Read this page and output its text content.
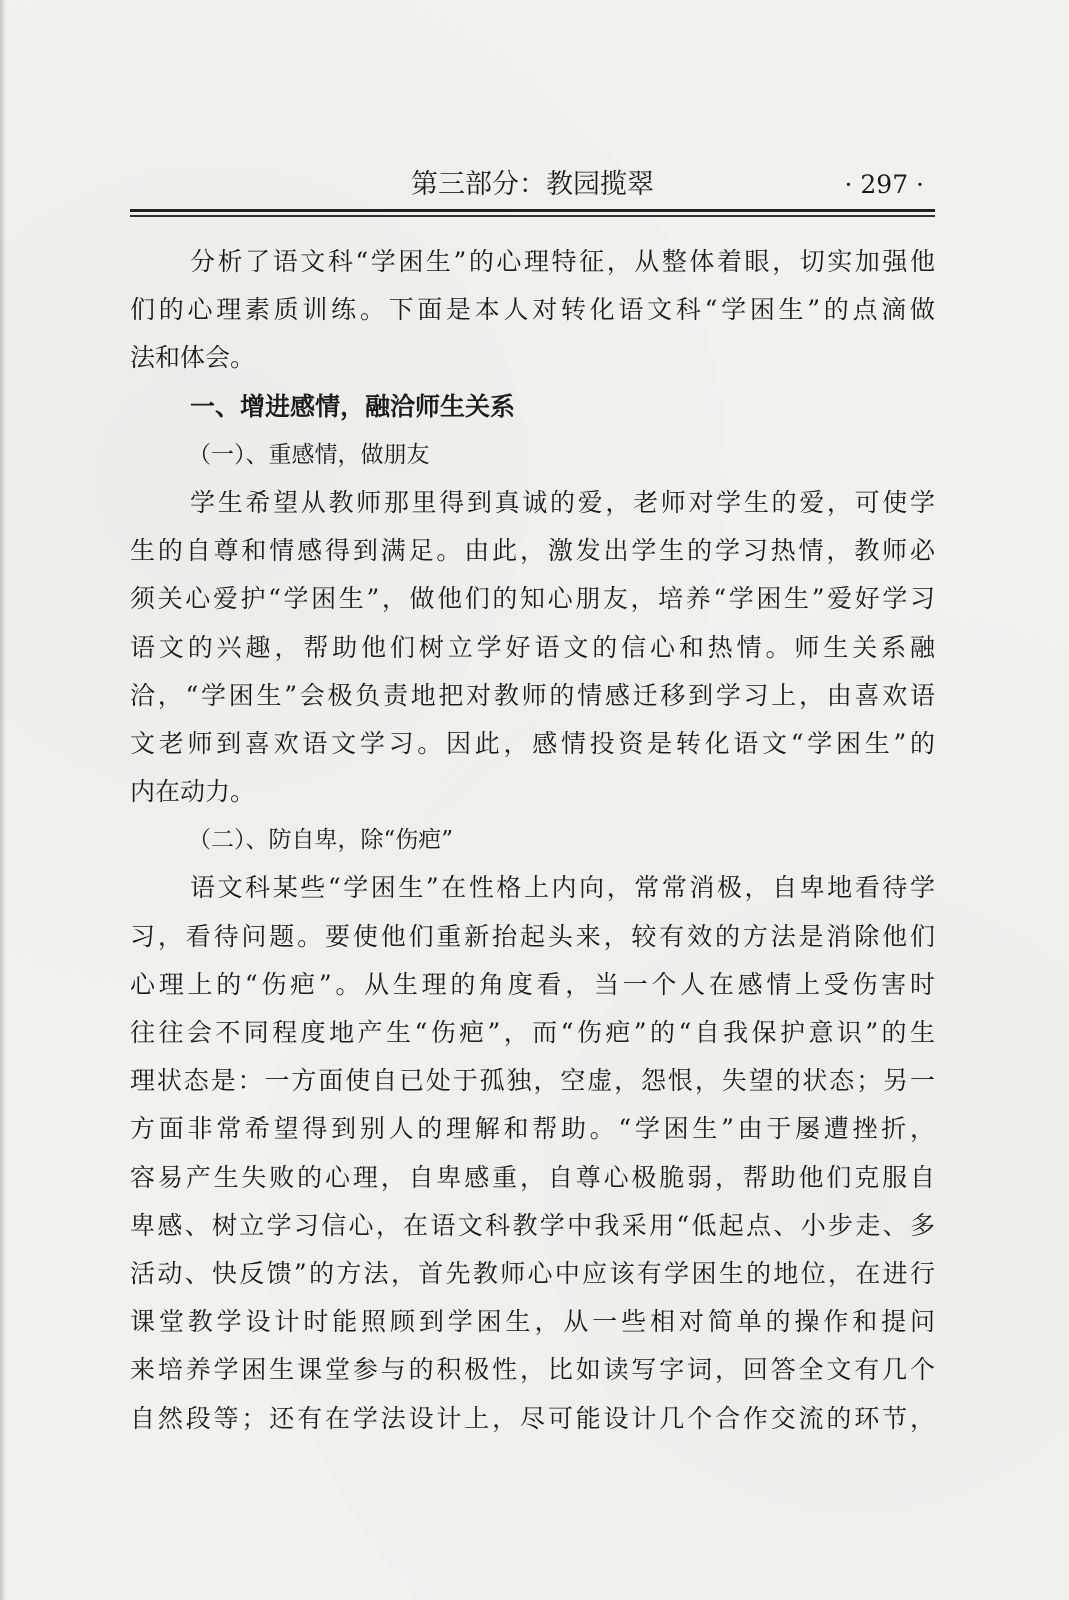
第三部分：教园揽翠	· 297 ·
分析了语文科“学困生”的心理特征，从整体着眼，切实加强他
们的心理素质训练。下面是本人对转化语文科“学困生”的点滴做
法和体会。
一、增进感情，融洽师生关系
（一）、重感情，做朋友
学生希望从教师那里得到真诚的爱，老师对学生的爱，可使学
生的自尊和情感得到满足。由此，激发出学生的学习热情，教师必
须关心爱护“学困生”，做他们的知心朋友，培养“学困生”爱好学习
语文的兴趣，帮助他们树立学好语文的信心和热情。师生关系融
洽，“学困生”会极负责地把对教师的情感迁移到学习上，由喜欢语
文老师到喜欢语文学习。因此，感情投资是转化语文“学困生”的
内在动力。
（二）、防自卑，除“伤疤”
语文科某些“学困生”在性格上内向，常常消极，自卑地看待学
习，看待问题。要使他们重新抬起头来，较有效的方法是消除他们
心理上的“伤疤”。从生理的角度看，当一个人在感情上受伤害时
往往会不同程度地产生“伤疤”，而“伤疤”的“自我保护意识”的生
理状态是：一方面使自已处于孤独，空虚，怨恨，失望的状态；另一
方面非常希望得到别人的理解和帮助。“学困生”由于屡遭挫折，
容易产生失败的心理，自卑感重，自尊心极脆弱，帮助他们克服自
卑感、树立学习信心，在语文科教学中我采用“低起点、小步走、多
活动、快反馈”的方法，首先教师心中应该有学困生的地位，在进行
课堂教学设计时能照顾到学困生，从一些相对简单的操作和提问
来培养学困生课堂参与的积极性，比如读写字词，回答全文有几个
自然段等；还有在学法设计上，尽可能设计几个合作交流的环节，
